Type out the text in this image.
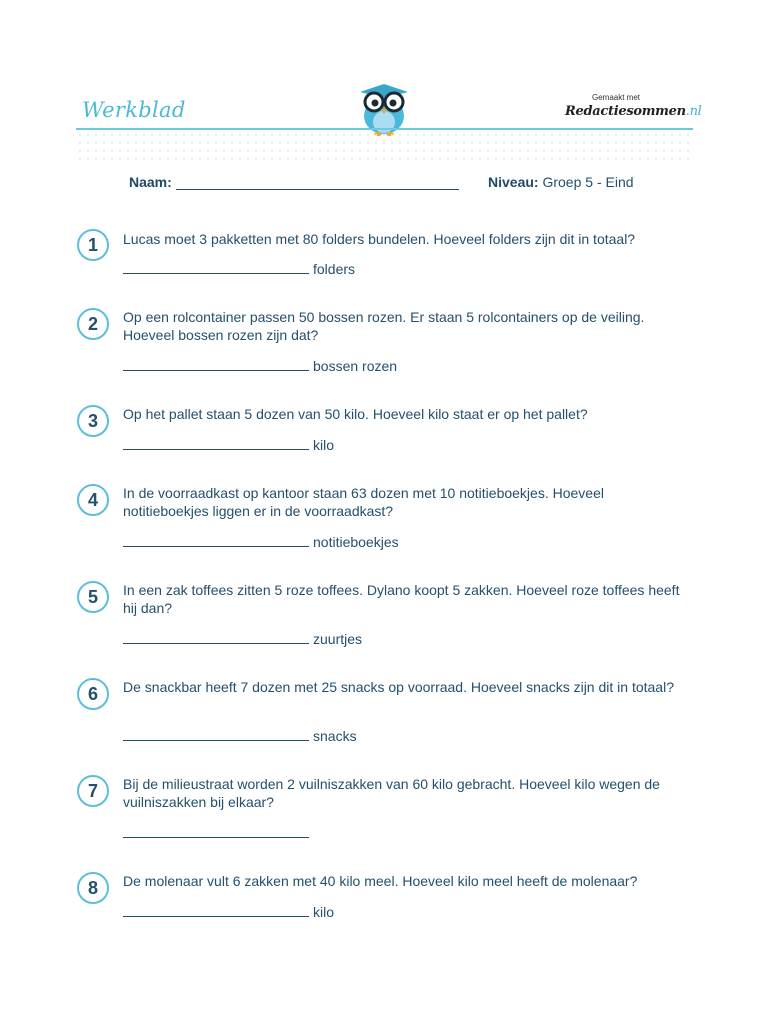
Werkblad
Gemaakt met
Redactiesommen.nl
Naam:	Niveau: Groep 5 - Eind
1	Lucas moet 3 pakketten met 80 folders bundelen. Hoeveel folders zijn dit in totaal?
folders
2	Op een rolcontainer passen 50 bossen rozen. Er staan 5 rolcontainers op de veiling. Hoeveel bossen rozen zijn dat?
bossen rozen
3	Op het pallet staan 5 dozen van 50 kilo. Hoeveel kilo staat er op het pallet?
kilo
4	In de voorraadkast op kantoor staan 63 dozen met 10 notitieboekjes. Hoeveel notitieboekjes liggen er in de voorraadkast?
notitieboekjes
5	In een zak toffees zitten 5 roze toffees. Dylano koopt 5 zakken. Hoeveel roze toffees heeft hij dan?
zuurtjes
6	De snackbar heeft 7 dozen met 25 snacks op voorraad. Hoeveel snacks zijn dit in totaal?
snacks
7	Bij de milieustraat worden 2 vuilniszakken van 60 kilo gebracht. Hoeveel kilo wegen de vuilniszakken bij elkaar?
8	De molenaar vult 6 zakken met 40 kilo meel. Hoeveel kilo meel heeft de molenaar?
kilo
